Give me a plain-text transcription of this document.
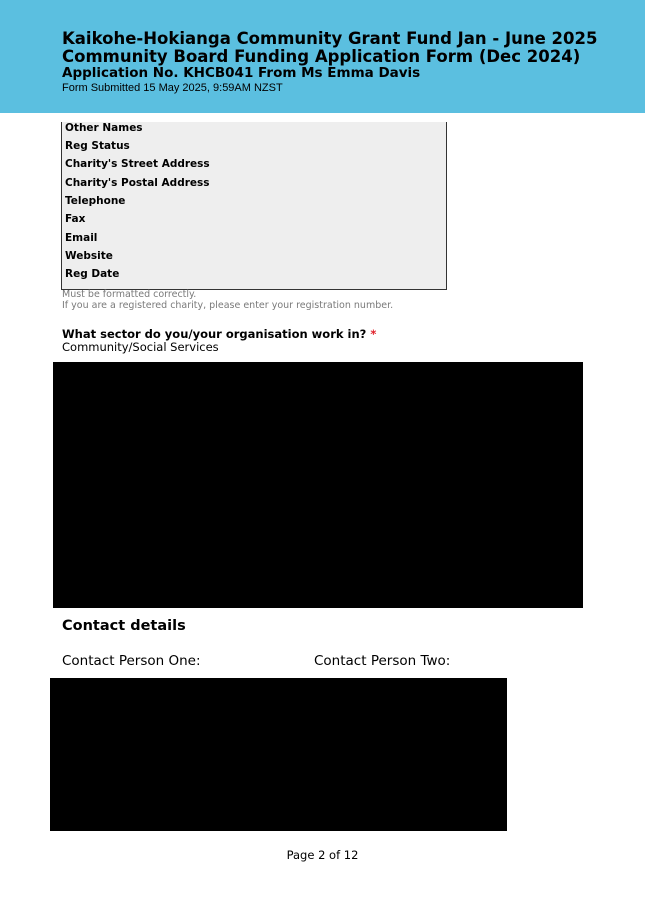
Kaikohe-Hokianga Community Grant Fund Jan - June 2025
Community Board Funding Application Form (Dec 2024)
Application No. KHCB041 From Ms Emma Davis
Form Submitted 15 May 2025, 9:59AM NZST
Other Names
Reg Status
Charity's Street Address
Charity's Postal Address
Telephone
Fax
Email
Website
Reg Date
Must be formatted correctly.
If you are a registered charity, please enter your registration number.
What sector do you/your organisation work in? *
Community/Social Services
Contact details
Contact Person One:	Contact Person Two:
Page 2 of 12
